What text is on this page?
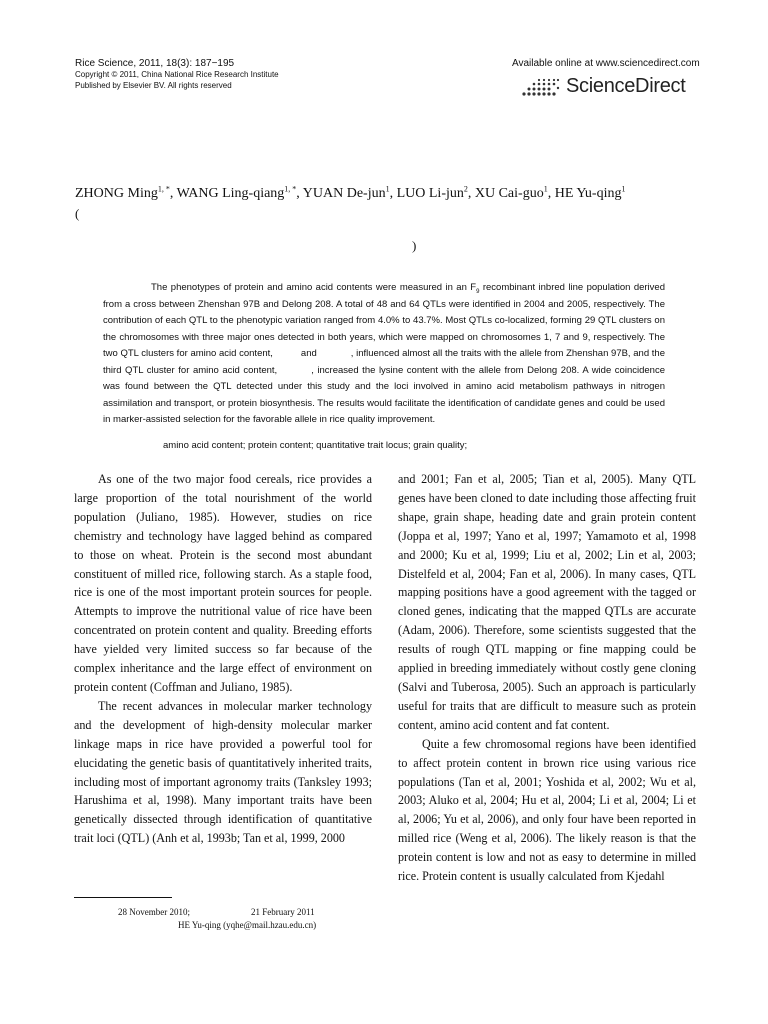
Rice Science, 2011, 18(3): 187−195
Copyright © 2011, China National Rice Research Institute
Published by Elsevier BV. All rights reserved
Available online at www.sciencedirect.com
ScienceDirect
ZHONG Ming$^{1, *}$, WANG Ling-qiang$^{1, *}$, YUAN De-jun$^1$, LUO Li-jun$^2$, XU Cai-guo$^1$, HE Yu-qing$^1$
(
)
The phenotypes of protein and amino acid contents were measured in an $F_9$ recombinant inbred line population derived from a cross between Zhenshan 97B and Delong 208. A total of 48 and 64 QTLs were identified in 2004 and 2005, respectively. The contribution of each QTL to the phenotypic variation ranged from 4.0% to 43.7%. Most QTLs co-localized, forming 29 QTL clusters on the chromosomes with three major ones detected in both years, which were mapped on chromosomes 1, 7 and 9, respectively. The two QTL clusters for amino acid content,	and	, influenced almost all the traits with the allele from Zhenshan 97B, and the third QTL cluster for amino acid content,	, increased the lysine content with the allele from Delong 208. A wide coincidence was found between the QTL detected under this study and the loci involved in amino acid metabolism pathways in nitrogen assimilation and transport, or protein biosynthesis. The results would facilitate the identification of candidate genes and could be used in marker-assisted selection for the favorable allele in rice quality improvement.
amino acid content; protein content; quantitative trait locus; grain quality;

As one of the two major food cereals, rice provides a large proportion of the total nourishment of the world population (Juliano, 1985). However, studies on rice chemistry and technology have lagged behind as compared to those on wheat. Protein is the second most abundant constituent of milled rice, following starch. As a staple food, rice is one of the most important protein sources for people. Attempts to improve the nutritional value of rice have been concentrated on protein content and quality. Breeding efforts have yielded very limited success so far because of the complex inheritance and the large effect of environment on protein content (Coffman and Juliano, 1985).

The recent advances in molecular marker technology and the development of high-density molecular marker linkage maps in rice have provided a powerful tool for elucidating the genetic basis of quantitatively inherited traits, including most of important agronomy traits (Tanksley 1993; Harushima et al, 1998). Many important traits have been genetically dissected through identification of quantitative trait loci (QTL) (Anh et al, 1993b; Tan et al, 1999, 2000

and 2001; Fan et al, 2005; Tian et al, 2005). Many QTL genes have been cloned to date including those affecting fruit shape, grain shape, heading date and grain protein content (Joppa et al, 1997; Yano et al, 1997; Yamamoto et al, 1998 and 2000; Ku et al, 1999; Liu et al, 2002; Lin et al, 2003; Distelfeld et al, 2004; Fan et al, 2006). In many cases, QTL mapping positions have a good agreement with the tagged or cloned genes, indicating that the mapped QTLs are accurate (Adam, 2006). Therefore, some scientists suggested that the results of rough QTL mapping or fine mapping could be applied in breeding immediately without costly gene cloning (Salvi and Tuberosa, 2005). Such an approach is particularly useful for traits that are difficult to measure such as protein content, amino acid content and fat content.

Quite a few chromosomal regions have been identified to affect protein content in brown rice using various rice populations (Tan et al, 2001; Yoshida et al, 2002; Wu et al, 2003; Aluko et al, 2004; Hu et al, 2004; Li et al, 2004; Li et al, 2006; Yu et al, 2006), and only four have been reported in milled rice (Weng et al, 2006). The likely reason is that the protein content is low and not as easy to determine in milled rice. Protein content is usually calculated from Kjedahl

28 November 2010;	21 February 2011
HE Yu-qing (yqhe@mail.hzau.edu.cn)
